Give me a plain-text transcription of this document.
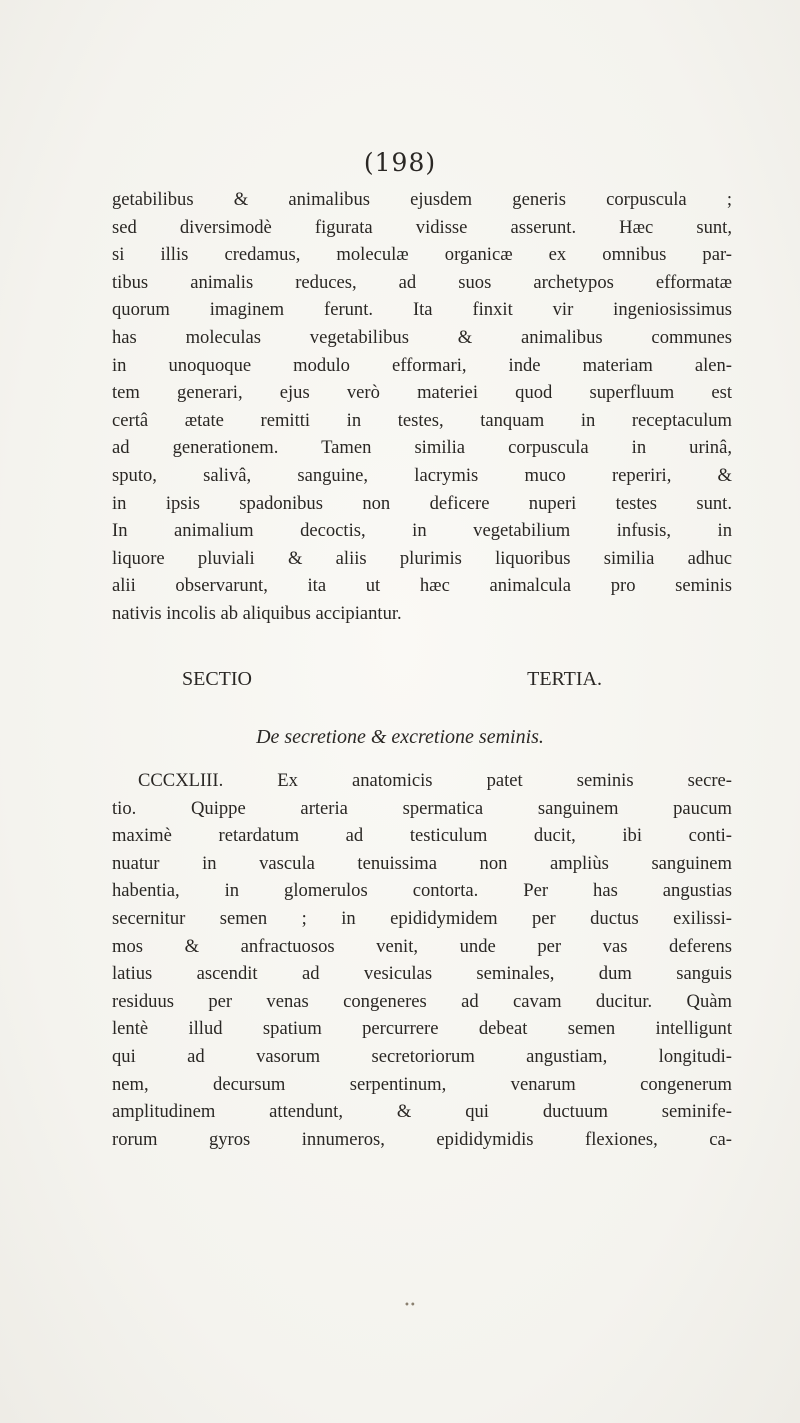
(198)
getabilibus & animalibus ejusdem generis corpuscula ;
sed diversimodè figurata vidisse asserunt. Hæc sunt,
si illis credamus, moleculæ organicæ ex omnibus par-
tibus animalis reduces, ad suos archetypos efformatæ
quorum imaginem ferunt. Ita finxit vir ingeniosissimus
has moleculas vegetabilibus & animalibus communes
in unoquoque modulo efformari, inde materiam alen-
tem generari, ejus verò materiei quod superfluum est
certâ ætate remitti in testes, tanquam in receptaculum
ad generationem. Tamen similia corpuscula in urinâ,
sputo, salivâ, sanguine, lacrymis muco reperiri, &
in ipsis spadonibus non deficere nuperi testes sunt.
In animalium decoctis, in vegetabilium infusis, in
liquore pluviali & aliis plurimis liquoribus similia adhuc
alii observarunt, ita ut hæc animalcula pro seminis
nativis incolis ab aliquibus accipiantur.
SECTIO TERTIA.
De secretione & excretione seminis.
CCCXLIII. Ex anatomicis patet seminis secre-
tio. Quippe arteria spermatica sanguinem paucum
maximè retardatum ad testiculum ducit, ibi conti-
nuatur in vasculа tenuissima non ampliùs sanguinem
habentia, in glomerulos contorta. Per has angustias
secernitur semen ; in epididymidem per ductus exilissi-
mos & anfractuosos venit, unde per vas deferens
latius ascendit ad vesiculas seminales, dum sanguis
residuus per venas congeneres ad cavam ducitur. Quàm
lentè illud spatium percurrere debeat semen intelligunt
qui ad vasorum secretoriorum angustiam, longitudi-
nem, decursum serpentinum, venarum congenerum
amplitudinem attendunt, & qui ductuum seminife-
rorum gyros innumeros, epididymidis flexiones, ca-
••
